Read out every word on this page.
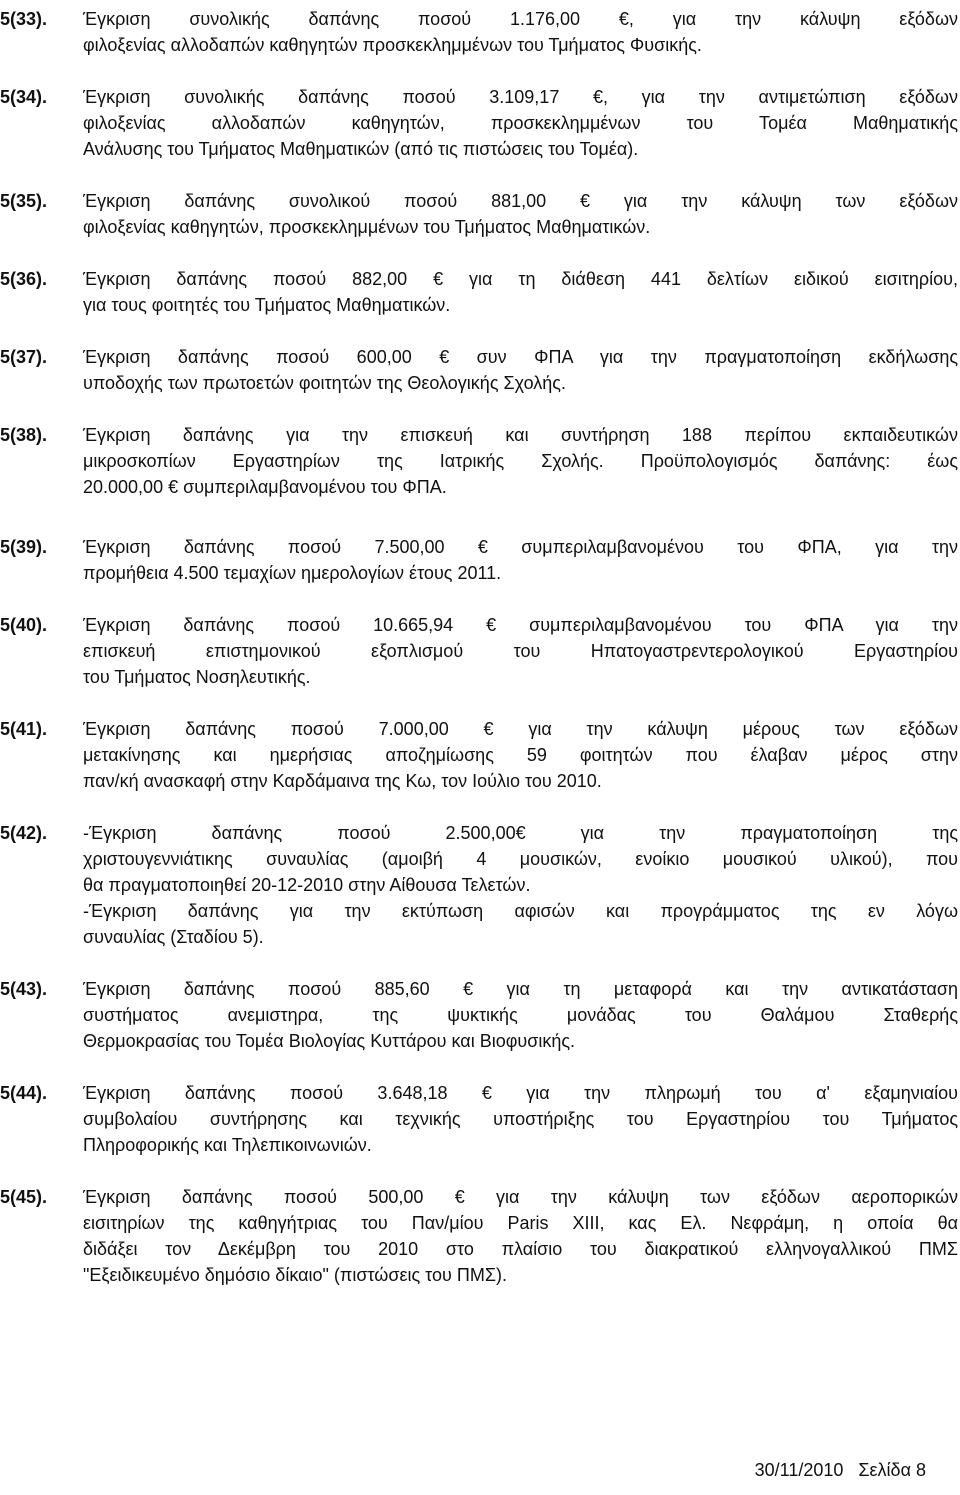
5(33). Έγκριση συνολικής δαπάνης ποσού 1.176,00 €, για την κάλυψη εξόδων
φιλοξενίας αλλοδαπών καθηγητών προσκεκλημμένων του Τμήματος Φυσικής.
5(34). Έγκριση συνολικής δαπάνης ποσού 3.109,17 €, για την αντιμετώπιση εξόδων
φιλοξενίας αλλοδαπών καθηγητών, προσκεκλημμένων του Τομέα Μαθηματικής
Ανάλυσης του Τμήματος Μαθηματικών (από τις πιστώσεις του Τομέα).
5(35). Έγκριση δαπάνης συνολικού ποσού 881,00 € για την κάλυψη των εξόδων
φιλοξενίας καθηγητών, προσκεκλημμένων του Τμήματος Μαθηματικών.
5(36). Έγκριση δαπάνης ποσού 882,00 € για τη διάθεση 441 δελτίων ειδικού εισιτηρίου,
για τους φοιτητές του Τμήματος Μαθηματικών.
5(37). Έγκριση δαπάνης ποσού 600,00 € συν ΦΠΑ για την πραγματοποίηση εκδήλωσης
υποδοχής των πρωτοετών φοιτητών της Θεολογικής Σχολής.
5(38). Έγκριση δαπάνης για την επισκευή και συντήρηση 188 περίπου εκπαιδευτικών
μικροσκοπίων Εργαστηρίων της Ιατρικής Σχολής. Προϋπολογισμός δαπάνης: έως
20.000,00 € συμπεριλαμβανομένου του ΦΠΑ.
5(39). Έγκριση δαπάνης ποσού 7.500,00 € συμπεριλαμβανομένου του ΦΠΑ, για την
προμήθεια 4.500 τεμαχίων ημερολογίων έτους 2011.
5(40). Έγκριση δαπάνης ποσού 10.665,94 € συμπεριλαμβανομένου του ΦΠΑ για την
επισκευή επιστημονικού εξοπλισμού του Ηπατογαστρεντερολογικού Εργαστηρίου
του Τμήματος Νοσηλευτικής.
5(41). Έγκριση δαπάνης ποσού 7.000,00 € για την κάλυψη μέρους των εξόδων
μετακίνησης και ημερήσιας αποζημίωσης 59 φοιτητών που έλαβαν μέρος στην
παν/κή ανασκαφή στην Καρδάμαινα της Κω, τον Ιούλιο του 2010.
5(42). -Έγκριση δαπάνης ποσού 2.500,00€ για την πραγματοποίηση της
χριστουγεννιάτικης συναυλίας (αμοιβή 4 μουσικών, ενοίκιο μουσικού υλικού), που
θα πραγματοποιηθεί 20-12-2010 στην Αίθουσα Τελετών.
-Έγκριση δαπάνης για την εκτύπωση αφισών και προγράμματος της εν λόγω
συναυλίας (Σταδίου 5).
5(43). Έγκριση δαπάνης ποσού 885,60 € για τη μεταφορά και την αντικατάσταση
συστήματος ανεμιστηρα, της ψυκτικής μονάδας του Θαλάμου Σταθερής
Θερμοκρασίας του Τομέα Βιολογίας Κυττάρου και Βιοφυσικής.
5(44). Έγκριση δαπάνης ποσού 3.648,18 € για την πληρωμή του α' εξαμηνιαίου
συμβολαίου συντήρησης και τεχνικής υποστήριξης του Εργαστηρίου του Τμήματος
Πληροφορικής και Τηλεπικοινωνιών.
5(45). Έγκριση δαπάνης ποσού 500,00 € για την κάλυψη των εξόδων αεροπορικών
εισιτηρίων της καθηγήτριας του Παν/μίου Paris XIII, κας Ελ. Νεφράμη, η οποία θα
διδάξει τον Δεκέμβρη του 2010 στο πλαίσιο του διακρατικού ελληνογαλλικού ΠΜΣ
"Εξειδικευμένο δημόσιο δίκαιο" (πιστώσεις του ΠΜΣ).
30/11/2010 Σελίδα 8
